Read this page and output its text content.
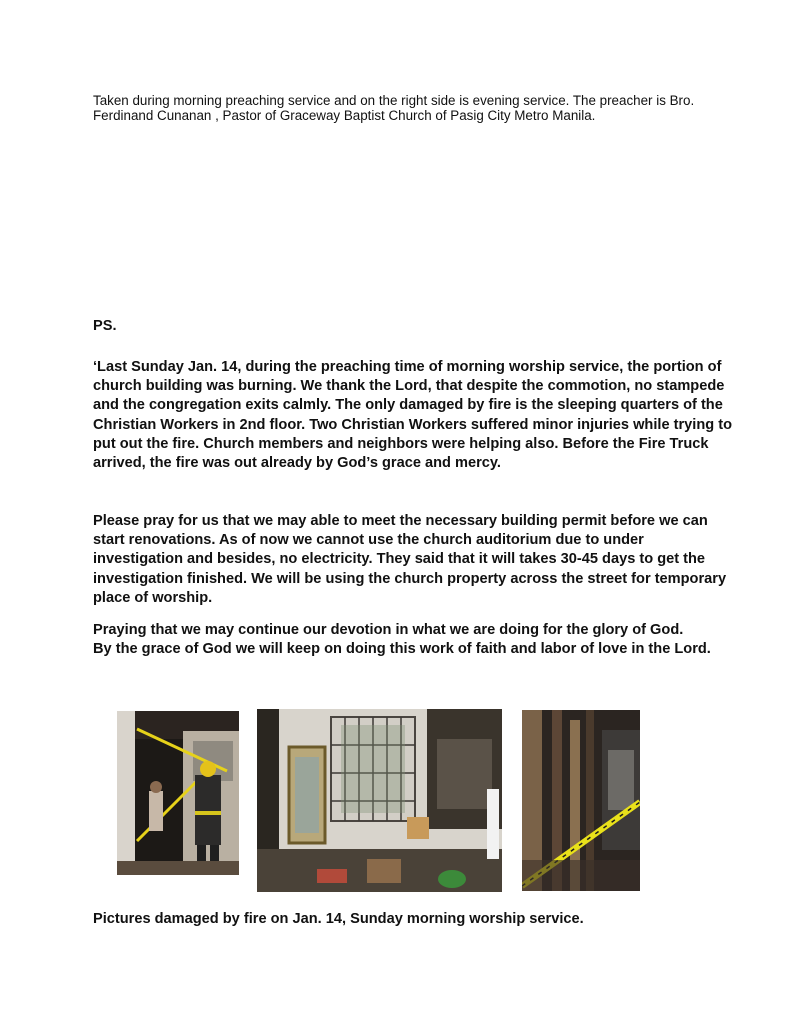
Taken during morning preaching service and on the right side is evening service. The preacher is Bro. Ferdinand Cunanan , Pastor of Graceway Baptist Church of Pasig City Metro Manila.
PS.

‘Last Sunday Jan. 14, during the preaching time of morning worship service, the portion of church building was burning. We thank the Lord, that despite the commotion, no stampede and the congregation exits calmly. The only damaged by fire is the sleeping quarters of the Christian Workers in 2nd floor. Two Christian Workers suffered minor injuries while trying to put out the fire. Church members and neighbors were helping also. Before the Fire Truck arrived, the fire was out already by God’s grace and mercy.

Please pray for us that we may able to meet the necessary building permit before we can start renovations. As of now we cannot use the church auditorium due to under investigation and besides, no electricity. They said that it will takes 30-45 days to get the investigation finished. We will be using the church property across the street for temporary place of worship.

Praying that we may continue our devotion in what we are doing for the glory of God.

By the grace of God we will keep on doing this work of faith and labor of love in the Lord.

Pictures damaged by fire on Jan. 14, Sunday morning worship service.
